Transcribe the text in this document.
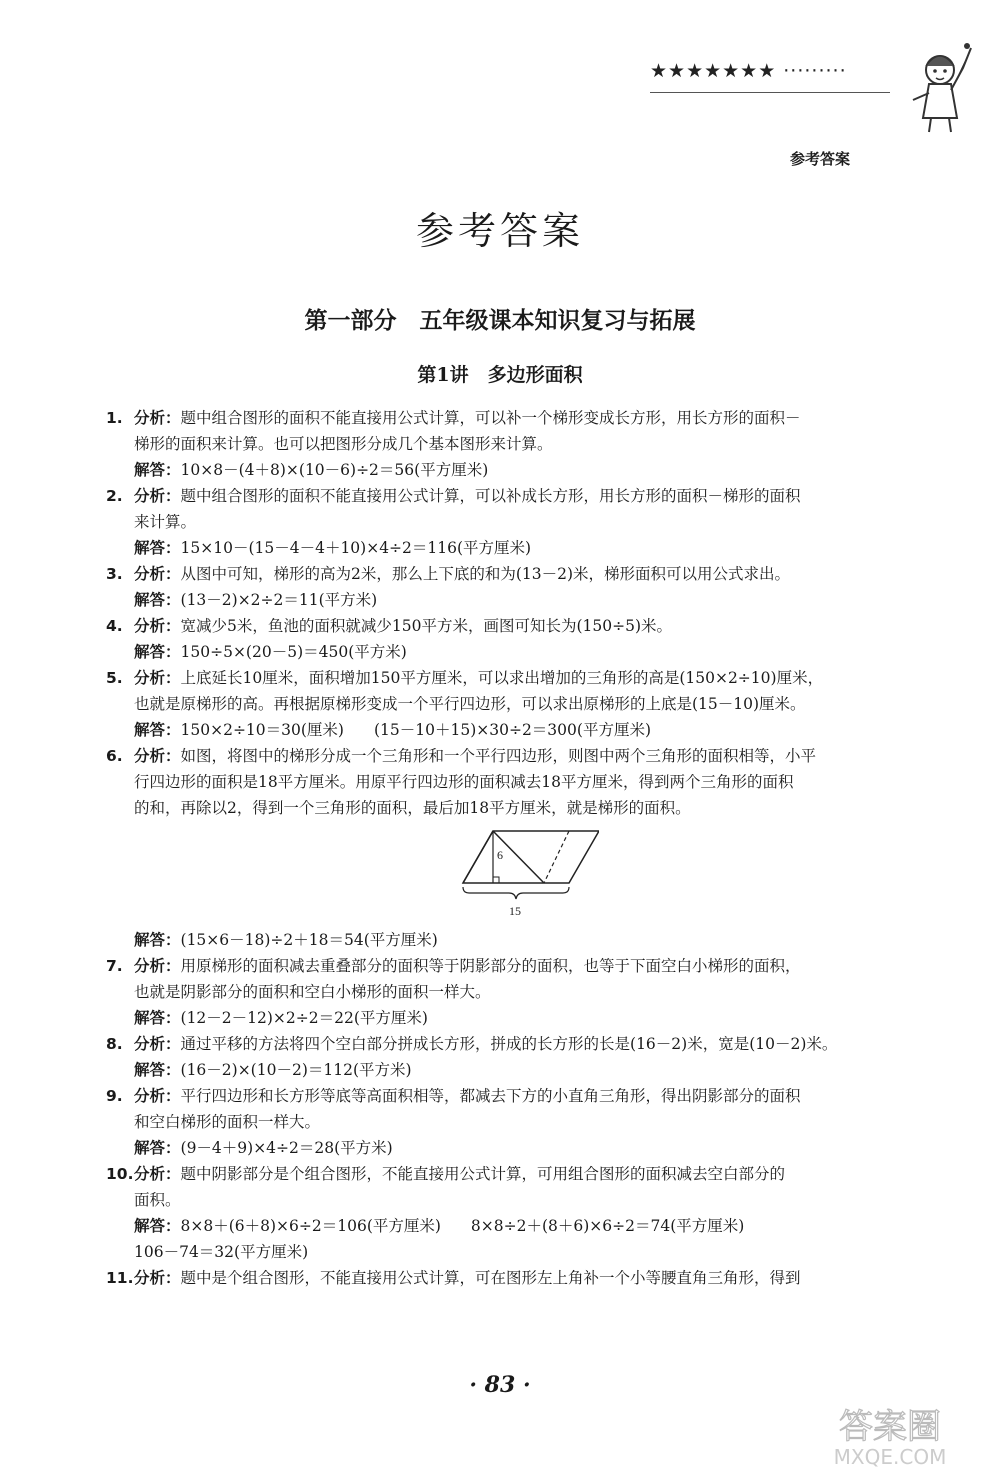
★★★★★★★ ·········
参考答案
参考答案
第一部分　五年级课本知识复习与拓展
第1讲　多边形面积
1. 分析：题中组合图形的面积不能直接用公式计算，可以补一个梯形变成长方形，用长方形的面积－
梯形的面积来计算。也可以把图形分成几个基本图形来计算。
解答：10×8－(4＋8)×(10－6)÷2＝56(平方厘米)
2. 分析：题中组合图形的面积不能直接用公式计算，可以补成长方形，用长方形的面积－梯形的面积
来计算。
解答：15×10－(15－4－4＋10)×4÷2＝116(平方厘米)
3. 分析：从图中可知，梯形的高为2米，那么上下底的和为(13－2)米，梯形面积可以用公式求出。
解答：(13－2)×2÷2＝11(平方米)
4. 分析：宽减少5米，鱼池的面积就减少150平方米，画图可知长为(150÷5)米。
解答：150÷5×(20－5)＝450(平方米)
5. 分析：上底延长10厘米，面积增加150平方厘米，可以求出增加的三角形的高是(150×2÷10)厘米，
也就是原梯形的高。再根据原梯形变成一个平行四边形，可以求出原梯形的上底是(15－10)厘米。
解答：150×2÷10＝30(厘米) (15－10＋15)×30÷2＝300(平方厘米)
6. 分析：如图，将图中的梯形分成一个三角形和一个平行四边形，则图中两个三角形的面积相等，小平
行四边形的面积是18平方厘米。用原平行四边形的面积减去18平方厘米，得到两个三角形的面积
的和，再除以2，得到一个三角形的面积，最后加18平方厘米，就是梯形的面积。
6
15
解答：(15×6－18)÷2＋18＝54(平方厘米)
7. 分析：用原梯形的面积减去重叠部分的面积等于阴影部分的面积，也等于下面空白小梯形的面积，
也就是阴影部分的面积和空白小梯形的面积一样大。
解答：(12－2－12)×2÷2＝22(平方厘米)
8. 分析：通过平移的方法将四个空白部分拼成长方形，拼成的长方形的长是(16－2)米，宽是(10－2)米。
解答：(16－2)×(10－2)＝112(平方米)
9. 分析：平行四边形和长方形等底等高面积相等，都减去下方的小直角三角形，得出阴影部分的面积
和空白梯形的面积一样大。
解答：(9－4＋9)×4÷2＝28(平方米)
10. 分析：题中阴影部分是个组合图形，不能直接用公式计算，可用组合图形的面积减去空白部分的
面积。
解答：8×8＋(6＋8)×6÷2＝106(平方厘米) 8×8÷2＋(8＋6)×6÷2＝74(平方厘米)
106－74＝32(平方厘米)
11. 分析：题中是个组合图形，不能直接用公式计算，可在图形左上角补一个小等腰直角三角形，得到
· 83 ·
答案圈
MXQE.COM
